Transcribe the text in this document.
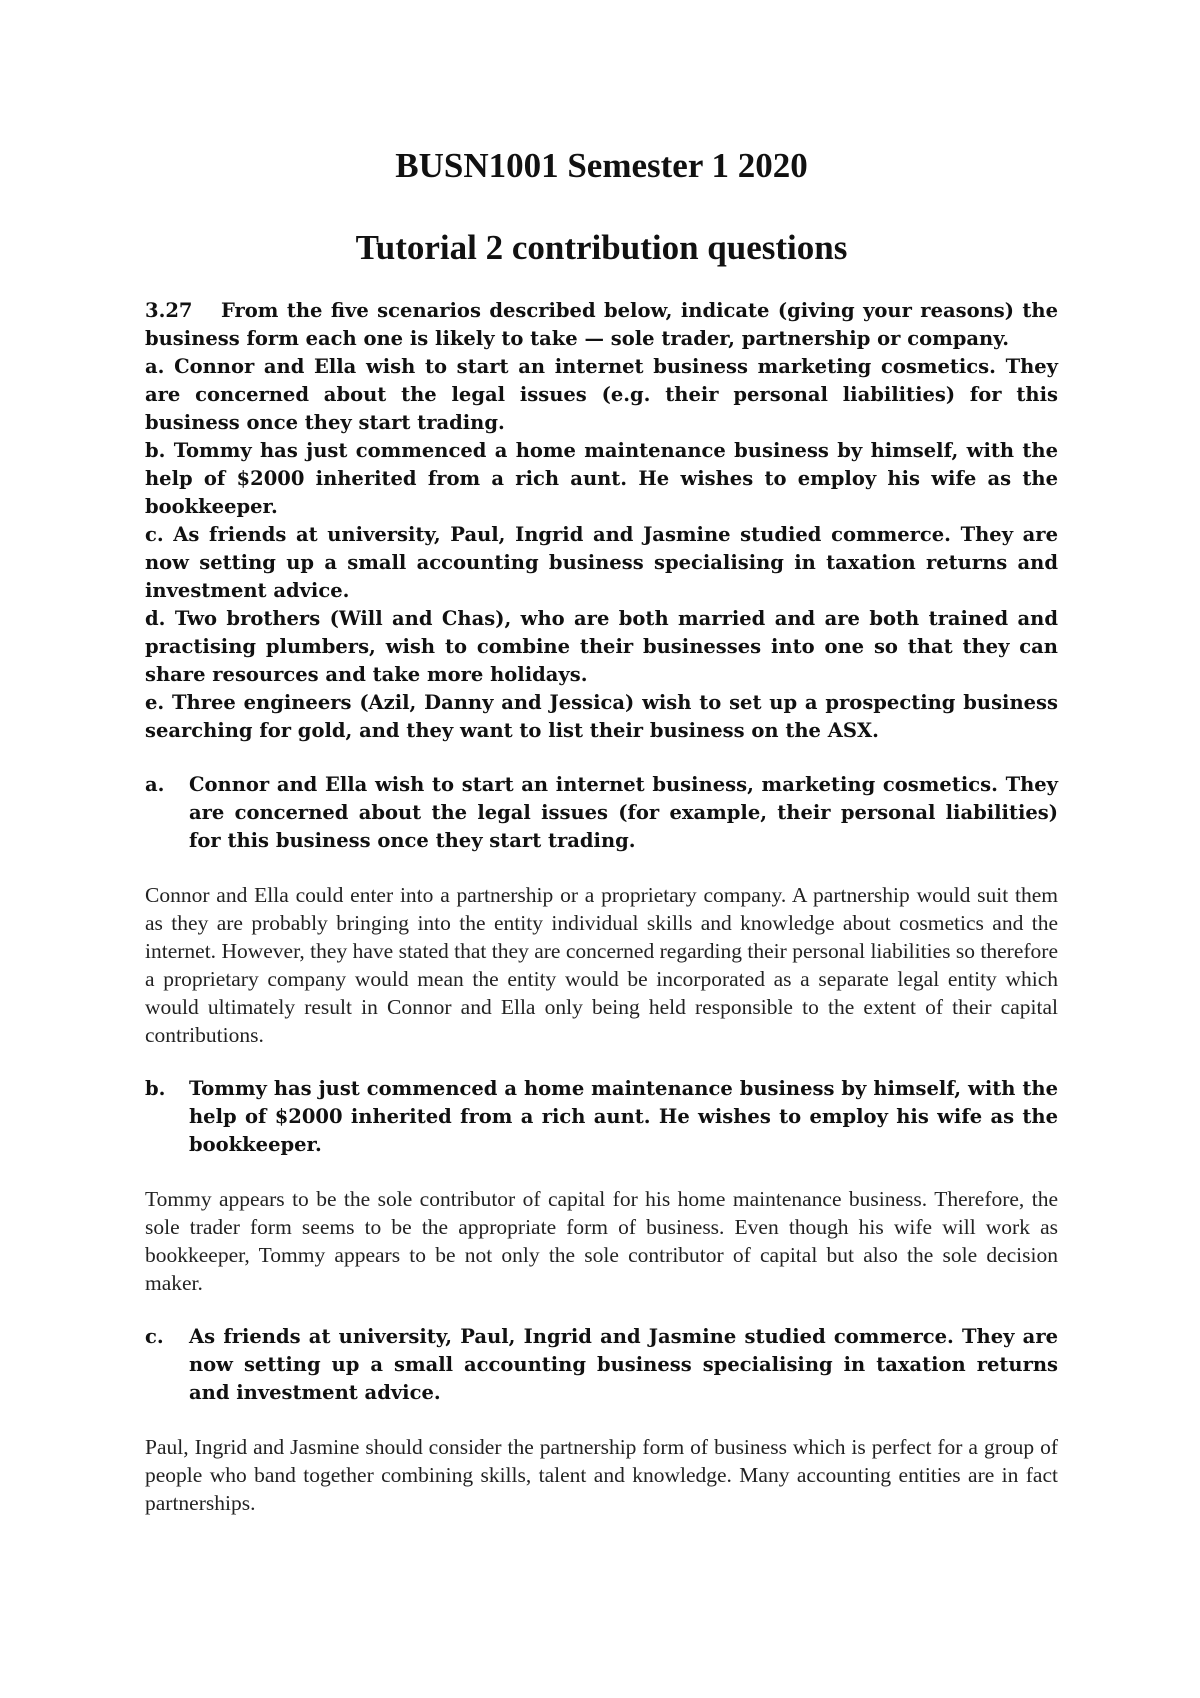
BUSN1001 Semester 1 2020
Tutorial 2 contribution questions

3.27 From the five scenarios described below, indicate (giving your reasons) the business form each one is likely to take — sole trader, partnership or company.

a. Connor and Ella wish to start an internet business marketing cosmetics. They are concerned about the legal issues (e.g. their personal liabilities) for this business once they start trading.

b. Tommy has just commenced a home maintenance business by himself, with the help of $2000 inherited from a rich aunt. He wishes to employ his wife as the bookkeeper.

c. As friends at university, Paul, Ingrid and Jasmine studied commerce. They are now setting up a small accounting business specialising in taxation returns and investment advice.

d. Two brothers (Will and Chas), who are both married and are both trained and practising plumbers, wish to combine their businesses into one so that they can share resources and take more holidays.

e. Three engineers (Azil, Danny and Jessica) wish to set up a prospecting business searching for gold, and they want to list their business on the ASX.

a.	Connor and Ella wish to start an internet business, marketing cosmetics. They are concerned about the legal issues (for example, their personal liabilities) for this business once they start trading.

Connor and Ella could enter into a partnership or a proprietary company. A partnership would suit them as they are probably bringing into the entity individual skills and knowledge about cosmetics and the internet. However, they have stated that they are concerned regarding their personal liabilities so therefore a proprietary company would mean the entity would be incorporated as a separate legal entity which would ultimately result in Connor and Ella only being held responsible to the extent of their capital contributions.

b.	Tommy has just commenced a home maintenance business by himself, with the help of $2000 inherited from a rich aunt. He wishes to employ his wife as the bookkeeper.

Tommy appears to be the sole contributor of capital for his home maintenance business. Therefore, the sole trader form seems to be the appropriate form of business. Even though his wife will work as bookkeeper, Tommy appears to be not only the sole contributor of capital but also the sole decision maker.

c.	As friends at university, Paul, Ingrid and Jasmine studied commerce. They are now setting up a small accounting business specialising in taxation returns and investment advice.

Paul, Ingrid and Jasmine should consider the partnership form of business which is perfect for a group of people who band together combining skills, talent and knowledge. Many accounting entities are in fact partnerships.
